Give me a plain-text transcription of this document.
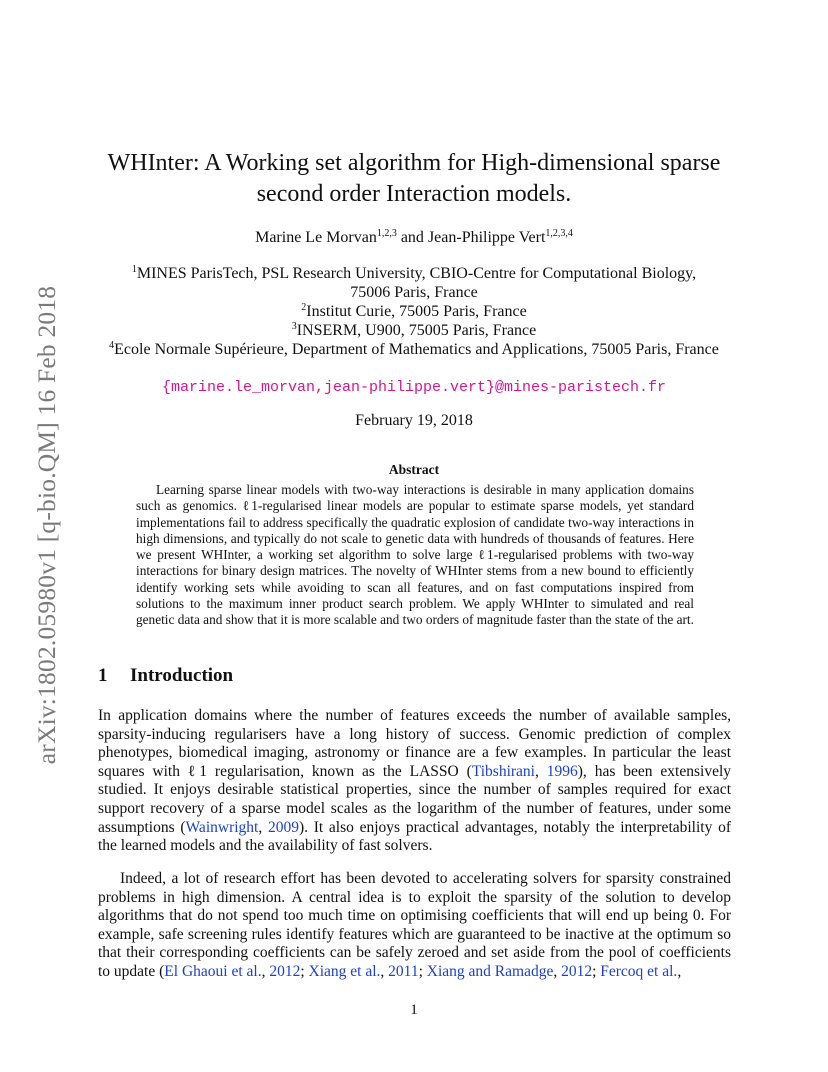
arXiv:1802.05980v1 [q-bio.QM] 16 Feb 2018
WHInter: A Working set algorithm for High-dimensional sparse
second order Interaction models.
Marine Le Morvan$^{1,2,3}$ and Jean-Philippe Vert$^{1,2,3,4}$
$^1$MINES ParisTech, PSL Research University, CBIO-Centre for Computational Biology,
75006 Paris, France
$^2$Institut Curie, 75005 Paris, France
$^3$INSERM, U900, 75005 Paris, France
$^4$Ecole Normale Supérieure, Department of Mathematics and Applications, 75005 Paris, France
{marine.le_morvan,jean-philippe.vert}@mines-paristech.fr
February 19, 2018
Abstract
Learning sparse linear models with two-way interactions is desirable in many application domains such as genomics. ℓ1-regularised linear models are popular to estimate sparse models, yet standard implementations fail to address specifically the quadratic explosion of candidate two-way interactions in high dimensions, and typically do not scale to genetic data with hundreds of thousands of features. Here we present WHInter, a working set algorithm to solve large ℓ1-regularised problems with two-way interactions for binary design matrices. The novelty of WHInter stems from a new bound to efficiently identify working sets while avoiding to scan all features, and on fast computations inspired from solutions to the maximum inner product search problem. We apply WHInter to simulated and real genetic data and show that it is more scalable and two orders of magnitude faster than the state of the art.
1 Introduction
In application domains where the number of features exceeds the number of available samples, sparsity-inducing regularisers have a long history of success. Genomic prediction of complex phenotypes, biomedical imaging, astronomy or finance are a few examples. In particular the least squares with ℓ1 regularisation, known as the LASSO (Tibshirani, 1996), has been extensively studied. It enjoys desirable statistical properties, since the number of samples required for exact support recovery of a sparse model scales as the logarithm of the number of features, under some assumptions (Wainwright, 2009). It also enjoys practical advantages, notably the interpretability of the learned models and the availability of fast solvers.
Indeed, a lot of research effort has been devoted to accelerating solvers for sparsity constrained problems in high dimension. A central idea is to exploit the sparsity of the solution to develop algorithms that do not spend too much time on optimising coefficients that will end up being 0. For example, safe screening rules identify features which are guaranteed to be inactive at the optimum so that their corresponding coefficients can be safely zeroed and set aside from the pool of coefficients to update (El Ghaoui et al., 2012; Xiang et al., 2011; Xiang and Ramadge, 2012; Fercoq et al.,
1
